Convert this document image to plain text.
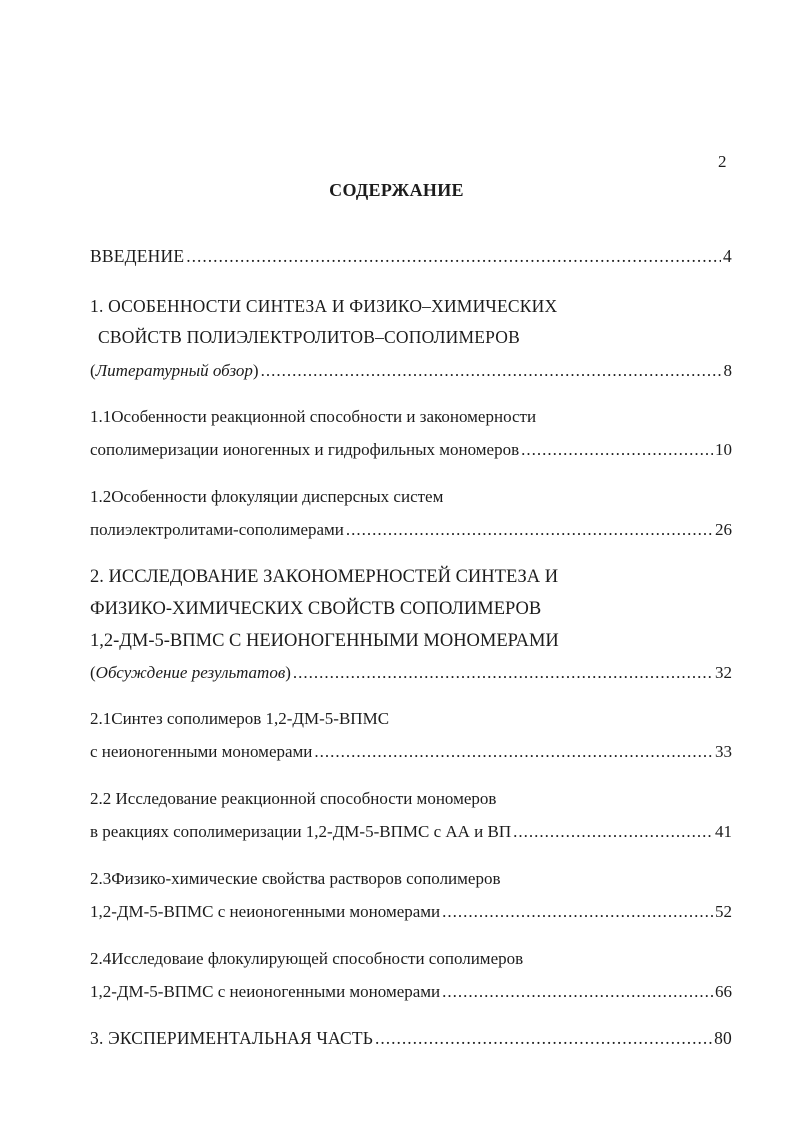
2
СОДЕРЖАНИЕ
ВВЕДЕНИЕ .....	4
1. ОСОБЕННОСТИ СИНТЕЗА И ФИЗИКО–ХИМИЧЕСКИХ
СВОЙСТВ ПОЛИЭЛЕКТРОЛИТОВ–СОПОЛИМЕРОВ
(Литературный обзор) .....	8
1.1Особенности реакционной способности и закономерности
сополимеризации ионогенных и гидрофильных мономеров .....	10
1.2Особенности флокуляции дисперсных систем
полиэлектролитами-сополимерами .....	26
2. ИССЛЕДОВАНИЕ ЗАКОНОМЕРНОСТЕЙ СИНТЕЗА И
ФИЗИКО-ХИМИЧЕСКИХ СВОЙСТВ СОПОЛИМЕРОВ
1,2-ДМ-5-ВПМС С НЕИОНОГЕННЫМИ МОНОМЕРАМИ
(Обсуждение результатов) .....	32
2.1Синтез сополимеров 1,2-ДМ-5-ВПМС
с неионогенными мономерами .....	33
2.2 Исследование реакционной способности мономеров
в реакциях сополимеризации 1,2-ДМ-5-ВПМС с АА и ВП .....	41
2.3Физико-химические свойства растворов сополимеров
1,2-ДМ-5-ВПМС с неионогенными мономерами .....	52
2.4Исследоваие флокулирующей способности сополимеров
1,2-ДМ-5-ВПМС с неионогенными мономерами .....	66
3. ЭКСПЕРИМЕНТАЛЬНАЯ ЧАСТЬ .....	80
